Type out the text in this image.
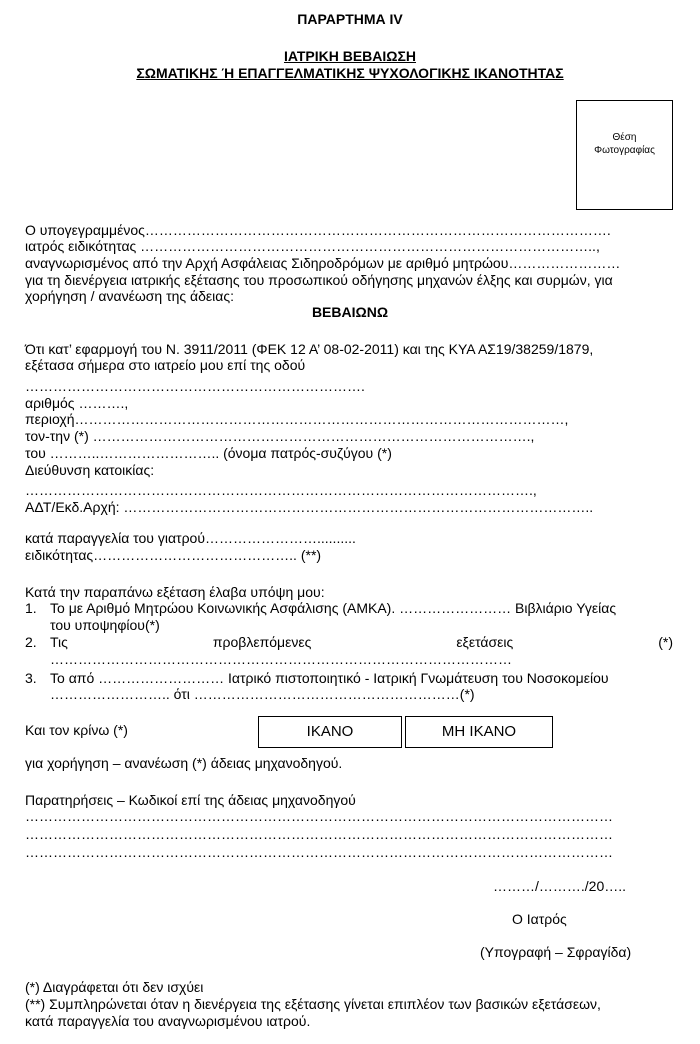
ΠΑΡΑΡΤΗΜΑ IV
ΙΑΤΡΙΚΗ ΒΕΒΑΙΩΣΗ
ΣΩΜΑΤΙΚΗΣ Ή ΕΠΑΓΓΕΛΜΑΤΙΚΗΣ ΨΥΧΟΛΟΓΙΚΗΣ ΙΚΑΝΟΤΗΤΑΣ
Θέση
Φωτογραφίας
Ο υπογεγραμμένος……………………………………………………………………………………….
ιατρός ειδικότητας ……………………………………………………………………………………..,
αναγνωρισμένος από την Αρχή Ασφάλειας Σιδηροδρόμων με αριθμό μητρώου……………………
για τη διενέργεια ιατρικής εξέτασης του προσωπικού οδήγησης μηχανών έλξης και συρμών, για
χορήγηση / ανανέωση της άδειας:
ΒΕΒΑΙΩΝΩ
Ότι κατ’ εφαρμογή του Ν. 3911/2011 (ΦΕΚ 12 Α’ 08-02-2011) και της ΚΥΑ ΑΣ19/38259/1879,
εξέτασα σήμερα στο ιατρείο μου επί της οδού
……………………………………………………………….
αριθμός ……….,
περιοχή……………………………………………………………………………………………,
τον-την (*) ………………………………………………………………………………….,
του ………..…………………….. (όνομα πατρός-συζύγου (*)
Διεύθυνση κατοικίας:
……………………………………………………………………………………………….,
ΑΔΤ/Εκδ.Αρχή: ………………………………………………………………………………………..
κατά παραγγελία του γιατρού……………………..........
ειδικότητας…………………………………….. (**)
Κατά την παραπάνω εξέταση έλαβα υπόψη μου:
1. Το με Αριθμό Μητρώου Κοινωνικής Ασφάλισης (ΑΜΚΑ). …………………… Βιβλιάριο Υγείας
του υποψηφίου(*)
2. Τις	προβλεπόμενες	εξετάσεις	(*)
………………………………………………………………………………………
3. Το από ……………………… Ιατρικό πιστοποιητικό - Ιατρική Γνωμάτευση του Νοσοκομείου
…………………….. ότι …………………………………………………(*)
Και τον κρίνω (*)	ΙΚΑΝΟ	ΜΗ ΙΚΑΝΟ
για χορήγηση – ανανέωση (*) άδειας μηχανοδηγού.
Παρατηρήσεις – Κωδικοί επί της άδειας μηχανοδηγού
………………………………………………………………………………………………………………
………………………………………………………………………………………………………………
………………………………………………………………………………………………………………
………/………./20…..
Ο Ιατρός
(Υπογραφή – Σφραγίδα)
(*) Διαγράφεται ότι δεν ισχύει
(**) Συμπληρώνεται όταν η διενέργεια της εξέτασης γίνεται επιπλέον των βασικών εξετάσεων,
κατά παραγγελία του αναγνωρισμένου ιατρού.
